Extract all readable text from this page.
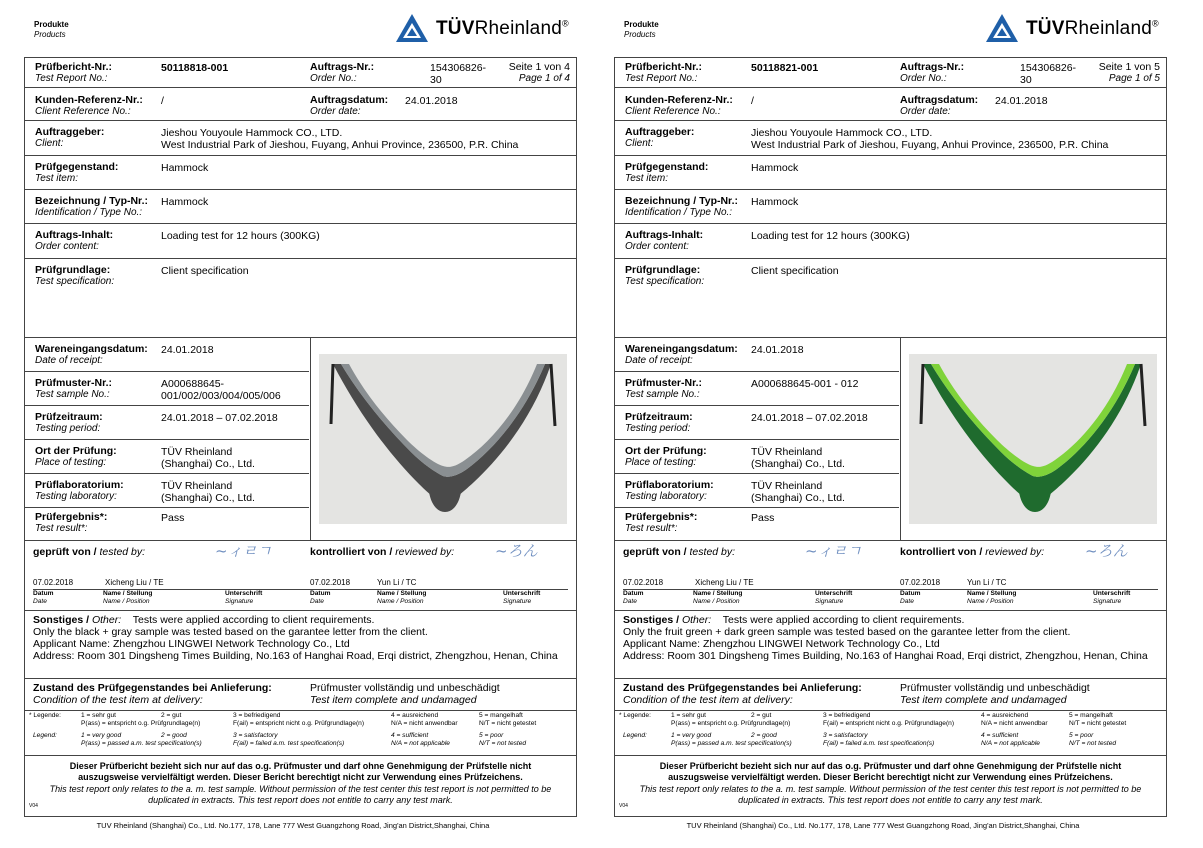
Produkte
Products	TÜVRheinland®
Prüfbericht-Nr.:
Test Report No.:
50118818-001	Auftrags-Nr.:
Order No.:
154306826-
30
Seite 1 von 4
Page 1 of 4
Kunden-Referenz-Nr.:
Client Reference No.:
/	Auftragsdatum:
Order date:
24.01.2018
Auftraggeber:
Client:
Jieshou Youyoule Hammock CO., LTD.
West Industrial Park of Jieshou, Fuyang, Anhui Province, 236500, P.R. China
Prüfgegenstand:
Test item:
Hammock
Bezeichnung / Typ-Nr.:
Identification / Type No.:
Hammock
Auftrags-Inhalt:
Order content:
Loading test for 12 hours (300KG)
Prüfgrundlage:
Test specification:
Client specification
Wareneingangsdatum:
Date of receipt:
24.01.2018
Prüfmuster-Nr.:
Test sample No.:
A000688645-
001/002/003/004/005/006
Prüfzeitraum:
Testing period:
24.01.2018 – 07.02.2018
Ort der Prüfung:
Place of testing:
TÜV Rheinland
(Shanghai) Co., Ltd.
Prüflaboratorium:
Testing laboratory:
TÜV Rheinland
(Shanghai) Co., Ltd.
Prüfergebnis*:
Test result*:
Pass
geprüft von / tested by:	~ィㄹㄱ	kontrolliert von / reviewed by:	~ろん
07.02.2018	Xicheng Liu / TE	07.02.2018	Yun Li / TC
Datum
Date
Name / Stellung
Name / Position
Unterschrift
Signature
Datum
Date
Name / Stellung
Name / Position
Unterschrift
Signature
Sonstiges / Other: Tests were applied according to client requirements.
Only the black + gray sample was tested based on the garantee letter from the client.
Applicant Name: Zhengzhou LINGWEI Network Technology Co., Ltd
Address: Room 301 Dingsheng Times Building, No.163 of Hanghai Road, Erqi district, Zhengzhou, Henan, China
Zustand des Prüfgegenstandes bei Anlieferung:
Condition of the test item at delivery:
Prüfmuster vollständig und unbeschädigt
Test item complete and undamaged
* Legende:	1 = sehr gut	2 = gut	3 = befriedigend	4 = ausreichend	5 = mangelhaft
P(ass) = entspricht o.g. Prüfgrundlage(n)	F(ail) = entspricht nicht o.g. Prüfgrundlage(n)	N/A = nicht anwendbar	N/T = nicht getestet
Legend:	1 = very good	2 = good	3 = satisfactory	4 = sufficient	5 = poor
P(ass) = passed a.m. test specification(s)	F(ail) = failed a.m. test specification(s)	N/A = not applicable	N/T = not tested
Dieser Prüfbericht bezieht sich nur auf das o.g. Prüfmuster und darf ohne Genehmigung der Prüfstelle nicht
auszugsweise vervielfältigt werden. Dieser Bericht berechtigt nicht zur Verwendung eines Prüfzeichens.
This test report only relates to the a. m. test sample. Without permission of the test center this test report is not permitted to be
duplicated in extracts. This test report does not entitle to carry any test mark.
V04
TUV Rheinland (Shanghai) Co., Ltd. No.177, 178, Lane 777 West Guangzhong Road, Jing'an District,Shanghai, China
Produkte
Products	TÜVRheinland®
Prüfbericht-Nr.:
Test Report No.:
50118821-001	Auftrags-Nr.:
Order No.:
154306826-
30
Seite 1 von 5
Page 1 of 5
Kunden-Referenz-Nr.:
Client Reference No.:
/	Auftragsdatum:
Order date:
24.01.2018
Auftraggeber:
Client:
Jieshou Youyoule Hammock CO., LTD.
West Industrial Park of Jieshou, Fuyang, Anhui Province, 236500, P.R. China
Prüfgegenstand:
Test item:
Hammock
Bezeichnung / Typ-Nr.:
Identification / Type No.:
Hammock
Auftrags-Inhalt:
Order content:
Loading test for 12 hours (300KG)
Prüfgrundlage:
Test specification:
Client specification
Wareneingangsdatum:
Date of receipt:
24.01.2018
Prüfmuster-Nr.:
Test sample No.:
A000688645-001 - 012
Prüfzeitraum:
Testing period:
24.01.2018 – 07.02.2018
Ort der Prüfung:
Place of testing:
TÜV Rheinland
(Shanghai) Co., Ltd.
Prüflaboratorium:
Testing laboratory:
TÜV Rheinland
(Shanghai) Co., Ltd.
Prüfergebnis*:
Test result*:
Pass
geprüft von / tested by:	~ィㄹㄱ	kontrolliert von / reviewed by:	~ろん
07.02.2018	Xicheng Liu / TE	07.02.2018	Yun Li / TC
Datum
Date
Name / Stellung
Name / Position
Unterschrift
Signature
Datum
Date
Name / Stellung
Name / Position
Unterschrift
Signature
Sonstiges / Other: Tests were applied according to client requirements.
Only the fruit green + dark green sample was tested based on the garantee letter from the client.
Applicant Name: Zhengzhou LINGWEI Network Technology Co., Ltd
Address: Room 301 Dingsheng Times Building, No.163 of Hanghai Road, Erqi district, Zhengzhou, Henan, China
Zustand des Prüfgegenstandes bei Anlieferung:
Condition of the test item at delivery:
Prüfmuster vollständig und unbeschädigt
Test item complete and undamaged
* Legende:	1 = sehr gut	2 = gut	3 = befriedigend	4 = ausreichend	5 = mangelhaft
P(ass) = entspricht o.g. Prüfgrundlage(n)	F(ail) = entspricht nicht o.g. Prüfgrundlage(n)	N/A = nicht anwendbar	N/T = nicht getestet
Legend:	1 = very good	2 = good	3 = satisfactory	4 = sufficient	5 = poor
P(ass) = passed a.m. test specification(s)	F(ail) = failed a.m. test specification(s)	N/A = not applicable	N/T = not tested
Dieser Prüfbericht bezieht sich nur auf das o.g. Prüfmuster und darf ohne Genehmigung der Prüfstelle nicht
auszugsweise vervielfältigt werden. Dieser Bericht berechtigt nicht zur Verwendung eines Prüfzeichens.
This test report only relates to the a. m. test sample. Without permission of the test center this test report is not permitted to be
duplicated in extracts. This test report does not entitle to carry any test mark.
V04
TUV Rheinland (Shanghai) Co., Ltd. No.177, 178, Lane 777 West Guangzhong Road, Jing'an District,Shanghai, China
